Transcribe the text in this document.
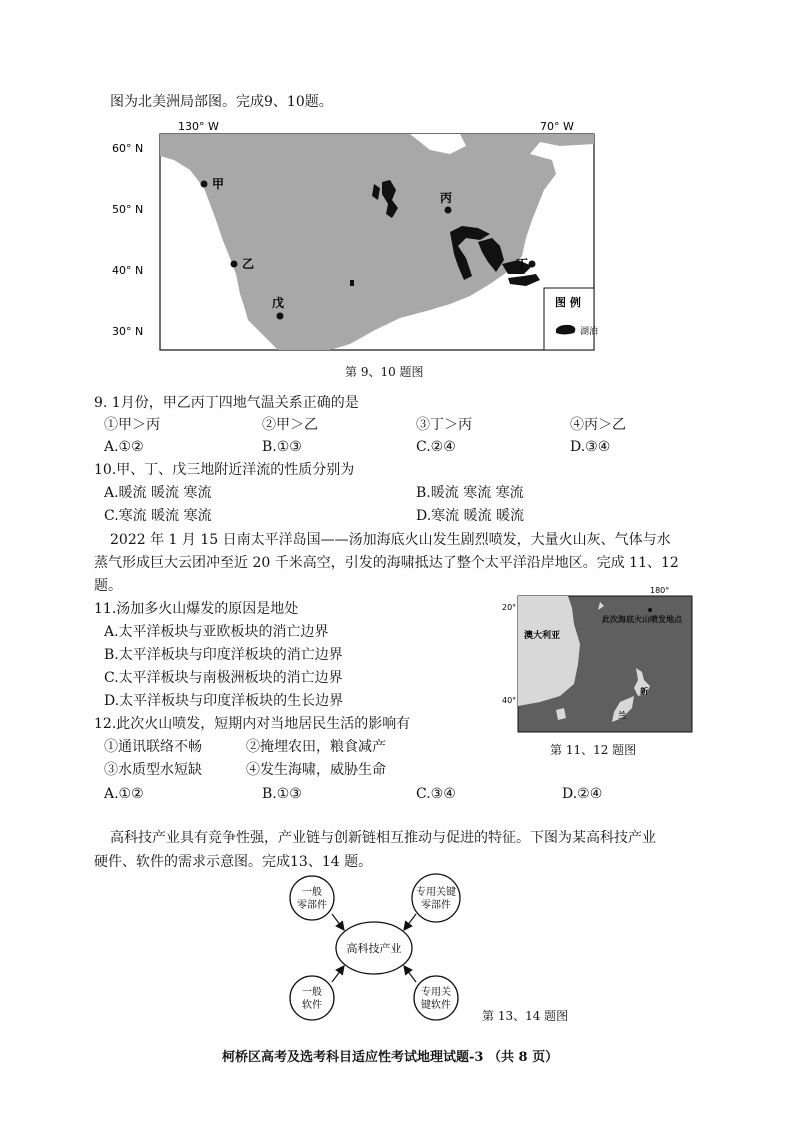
图为北美洲局部图。完成9、10题。
130° W	70° W
60° N
50° N
40° N
30° N
图 例
湖泊
甲
乙
丙
丁
戊
第 9、10 题图
9. 1月份，甲乙丙丁四地气温关系正确的是
①甲＞丙	②甲＞乙	③丁＞丙	④丙＞乙
A.①②	B.①③	C.②④	D.③④
10.甲、丁、戊三地附近洋流的性质分别为
A.暖流 暖流 寒流	B.暖流 寒流 寒流
C.寒流 暖流 寒流	D.寒流 暖流 暖流
2022 年 1 月 15 日南太平洋岛国——汤加海底火山发生剧烈喷发，大量火山灰、气体与水
蒸气形成巨大云团冲至近 20 千米高空，引发的海啸抵达了整个太平洋沿岸地区。完成 11、12
题。	180°
20°
40°
澳大利亚
新
兰
此次海底火山喷发地点
第 11、12 题图
11.汤加多火山爆发的原因是地处
A.太平洋板块与亚欧板块的消亡边界
B.太平洋板块与印度洋板块的消亡边界
C.太平洋板块与南极洲板块的消亡边界
D.太平洋板块与印度洋板块的生长边界
12.此次火山喷发，短期内对当地居民生活的影响有
①通讯联络不畅	②掩埋农田，粮食减产
③水质型水短缺	④发生海啸，威胁生命
A.①②	B.①③	C.③④	D.②④
高科技产业具有竞争性强，产业链与创新链相互推动与促进的特征。下图为某高科技产业
硬件、软件的需求示意图。完成13、14 题。
高科技产业
一般
零部件
专用关键
零部件
一般
软件
专用关
键软件
第 13、14 题图
柯桥区高考及选考科目适应性考试地理试题-3 （共 8 页）
